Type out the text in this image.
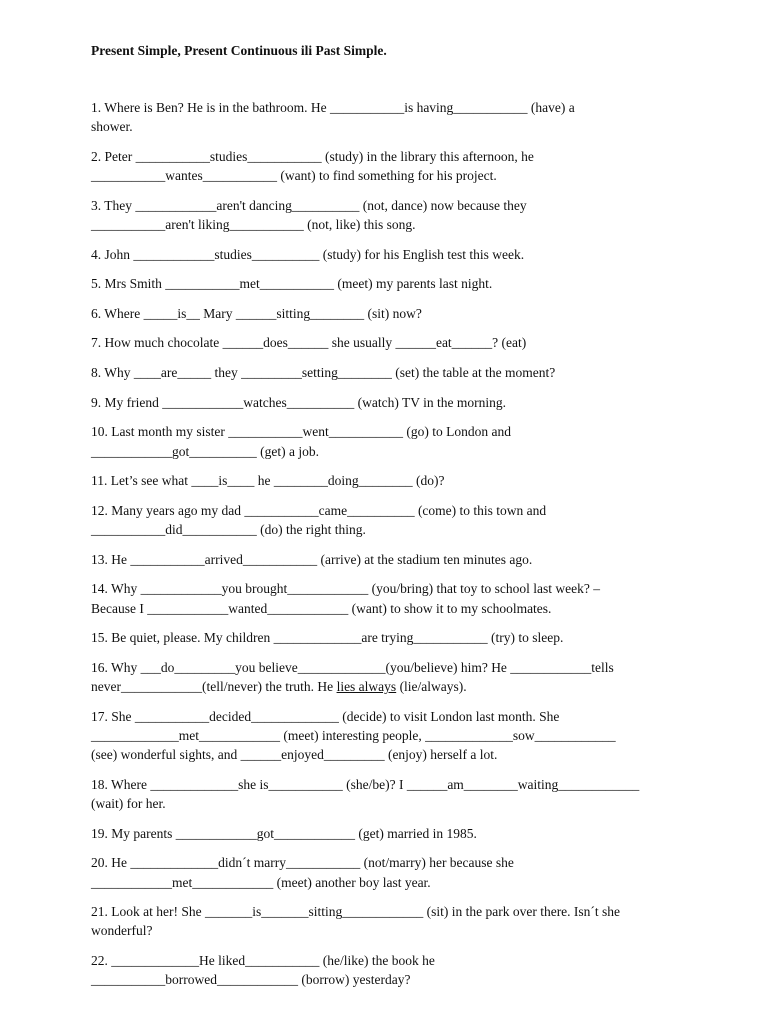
Present Simple, Present Continuous ili Past Simple.

1. Where is Ben? He is in the bathroom. He ___________is having___________ (have) a
shower.

2. Peter ___________studies___________ (study) in the library this afternoon, he
___________wantes___________ (want) to find something for his project.

3. They ____________aren't dancing__________ (not, dance) now because they
___________aren't liking___________ (not, like) this song.

4. John ____________studies__________ (study) for his English test this week.

5. Mrs Smith ___________met___________ (meet) my parents last night.

6. Where _____is__ Mary ______sitting________ (sit) now?

7. How much chocolate ______does______ she usually ______eat______? (eat)

8. Why ____are_____ they _________setting________ (set) the table at the moment?

9. My friend ____________watches__________ (watch) TV in the morning.

10. Last month my sister ___________went___________ (go) to London and
____________got__________ (get) a job.

11. Let’s see what ____is____ he ________doing________ (do)?

12. Many years ago my dad ___________came__________ (come) to this town and
___________did___________ (do) the right thing.

13. He ___________arrived___________ (arrive) at the stadium ten minutes ago.

14. Why ____________you brought____________ (you/bring) that toy to school last week? –
Because I ____________wanted____________ (want) to show it to my schoolmates.

15. Be quiet, please. My children _____________are trying___________ (try) to sleep.

16. Why ___do_________you believe_____________(you/believe) him? He ____________tells
never____________(tell/never) the truth. He lies always (lie/always).

17. She ___________decided_____________ (decide) to visit London last month. She
_____________met____________ (meet) interesting people, _____________sow____________
(see) wonderful sights, and ______enjoyed_________ (enjoy) herself a lot.

18. Where _____________she is___________ (she/be)? I ______am________waiting____________
(wait) for her.

19. My parents ____________got____________ (get) married in 1985.

20. He _____________didn´t marry___________ (not/marry) her because she
____________met____________ (meet) another boy last year.

21. Look at her! She _______is_______sitting____________ (sit) in the park over there. Isn´t she
wonderful?

22. _____________He liked___________ (he/like) the book he
___________borrowed____________ (borrow) yesterday?
